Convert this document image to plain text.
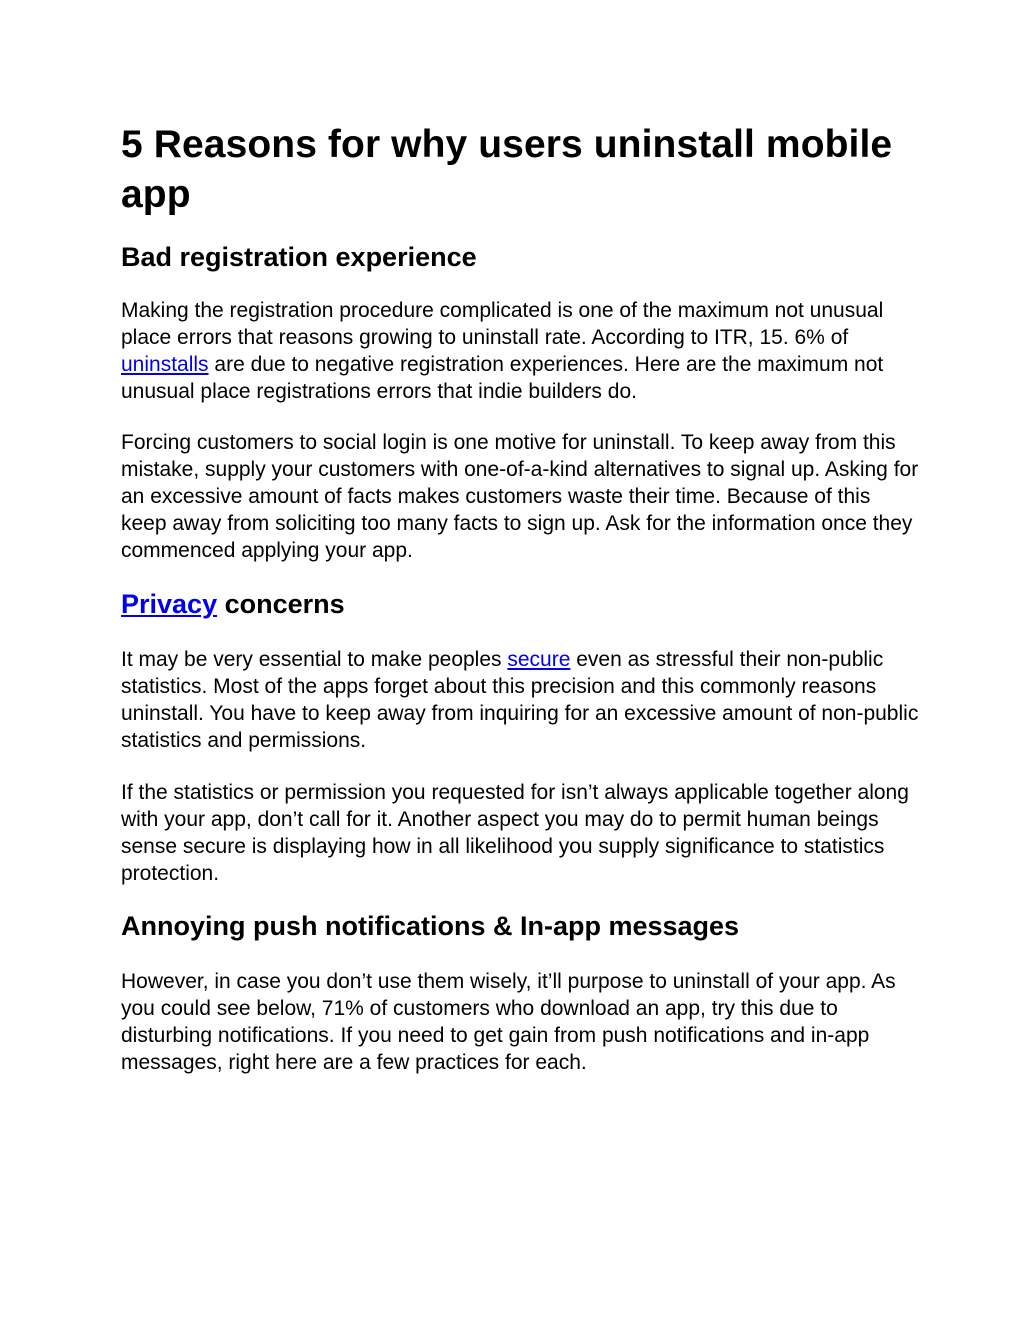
5 Reasons for why users uninstall mobile app
Bad registration experience

Making the registration procedure complicated is one of the maximum not unusual place errors that reasons growing to uninstall rate. According to ITR, 15. 6% of uninstalls are due to negative registration experiences. Here are the maximum not unusual place registrations errors that indie builders do.

Forcing customers to social login is one motive for uninstall. To keep away from this mistake, supply your customers with one-of-a-kind alternatives to signal up. Asking for an excessive amount of facts makes customers waste their time. Because of this keep away from soliciting too many facts to sign up. Ask for the information once they commenced applying your app.

Privacy concerns

It may be very essential to make peoples secure even as stressful their non-public statistics. Most of the apps forget about this precision and this commonly reasons uninstall. You have to keep away from inquiring for an excessive amount of non-public statistics and permissions.

If the statistics or permission you requested for isn’t always applicable together along with your app, don’t call for it. Another aspect you may do to permit human beings sense secure is displaying how in all likelihood you supply significance to statistics protection.

Annoying push notifications & In-app messages

However, in case you don’t use them wisely, it’ll purpose to uninstall of your app. As you could see below, 71% of customers who download an app, try this due to disturbing notifications. If you need to get gain from push notifications and in-app messages, right here are a few practices for each.
